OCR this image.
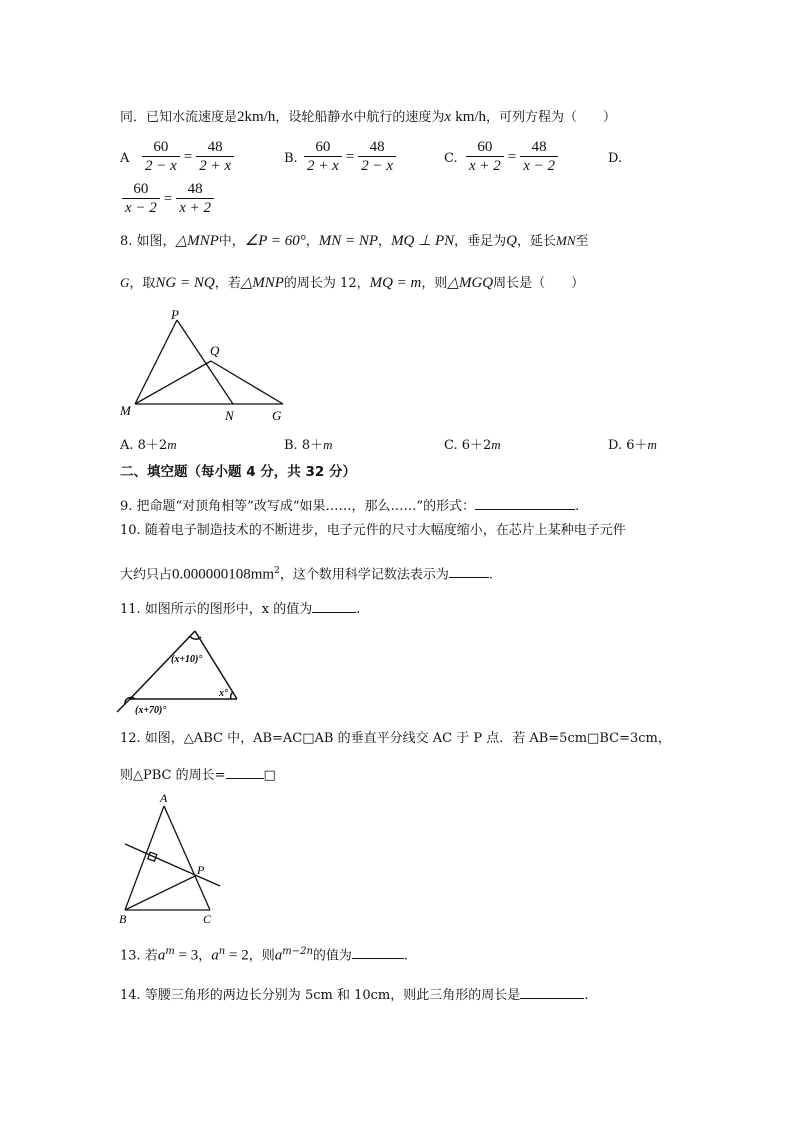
同．已知水流速度是2km/h，设轮船静水中航行的速度为x km/h，可列方程为（　　）
A $\frac{60}{2 - x} = \frac{48}{2 + x}$	B. $\frac{60}{2 + x} = \frac{48}{2 - x}$	C. $\frac{60}{x + 2} = \frac{48}{x - 2}$	D.
$\frac{60}{x - 2} = \frac{48}{x + 2}$
8. 如图，△MNP中，∠P = 60°，MN = NP，MQ ⊥ PN，垂足为Q，延长MN至
G，取NG = NQ，若△MNP的周长为 12，MQ = m，则△MGQ周长是（　　）
P
Q
M	N	G
A. 8＋2m	B. 8＋m	C. 6＋2m	D. 6＋m
二、填空题（每小题 4 分，共 32 分）
9. 把命题“对顶角相等”改写成“如果……，那么……”的形式：	.
10. 随着电子制造技术的不断进步，电子元件的尺寸大幅度缩小，在芯片上某种电子元件
大约只占$0.000000108mm^2$，这个数用科学记数法表示为	.
11. 如图所示的图形中，x 的值为	.
(x+10)°
x°
(x+70)°
12. 如图，△ABC 中，AB=AC□AB 的垂直平分线交 AC 于 P 点．若 AB=5cm□BC=3cm，
则△PBC 的周长=	□
A
P
B	C
13. 若$a^m = 3$，$a^n = 2$，则$a^{m-2n}$的值为	.
14. 等腰三角形的两边长分别为 5cm 和 10cm，则此三角形的周长是	.
